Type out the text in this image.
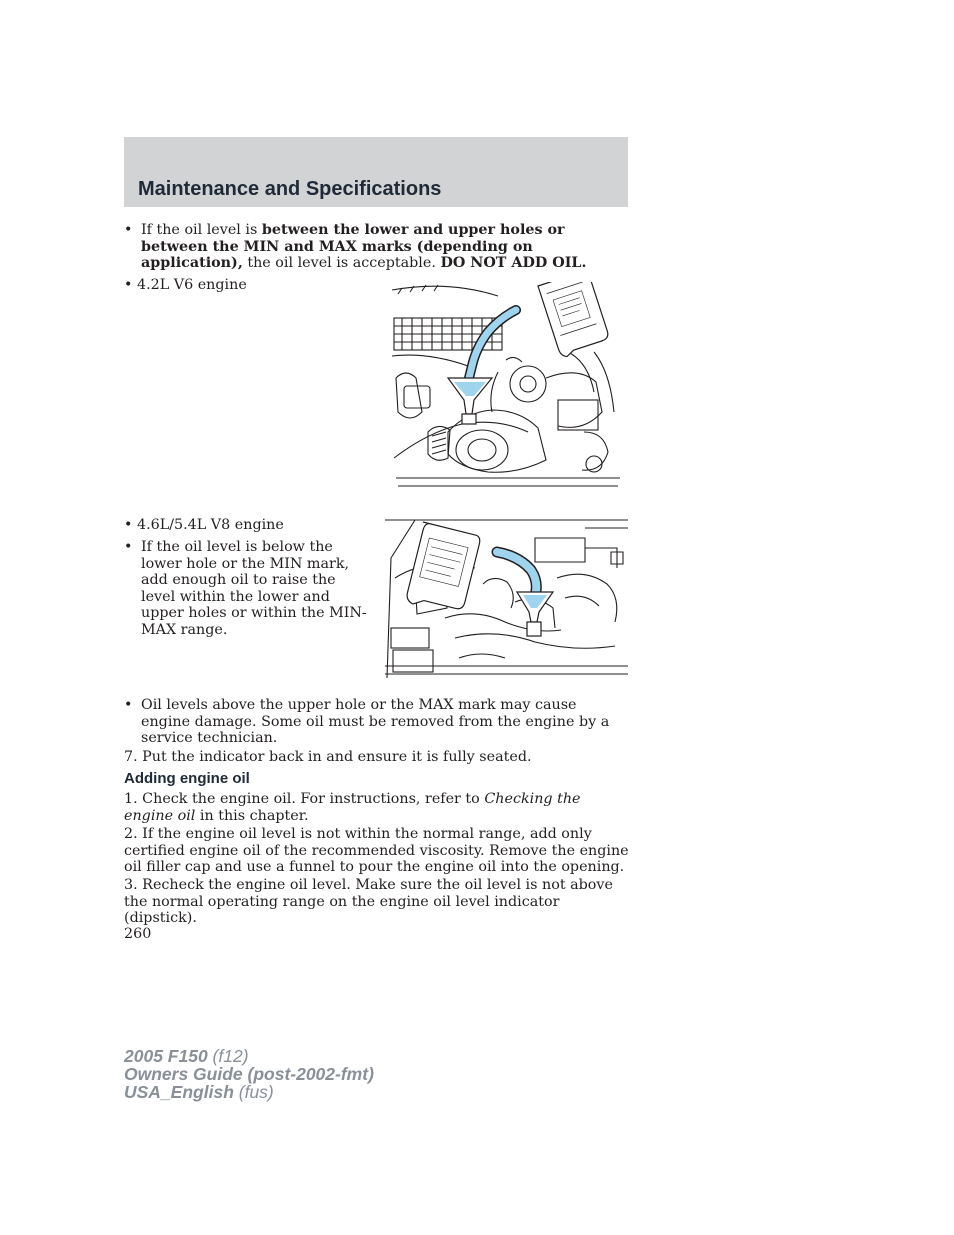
Maintenance and Specifications
• If the oil level is between the lower and upper holes or between the MIN and MAX marks (depending on application), the oil level is acceptable. DO NOT ADD OIL.
• 4.2L V6 engine
• 4.6L/5.4L V8 engine
• If the oil level is below the lower hole or the MIN mark, add enough oil to raise the level within the lower and upper holes or within the MIN-MAX range.
• Oil levels above the upper hole or the MAX mark may cause engine damage. Some oil must be removed from the engine by a service technician.
7. Put the indicator back in and ensure it is fully seated.
Adding engine oil
1. Check the engine oil. For instructions, refer to Checking the engine oil in this chapter.
2. If the engine oil level is not within the normal range, add only certified engine oil of the recommended viscosity. Remove the engine oil filler cap and use a funnel to pour the engine oil into the opening.
3. Recheck the engine oil level. Make sure the oil level is not above the normal operating range on the engine oil level indicator (dipstick).
260
2005 F150 (f12)
Owners Guide (post-2002-fmt)
USA_English (fus)
